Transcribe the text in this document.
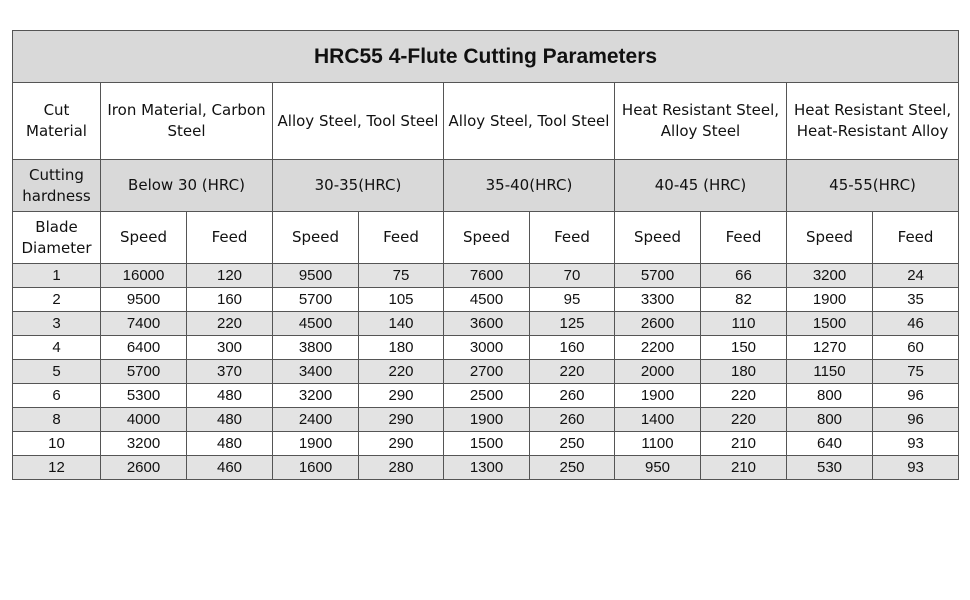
HRC55 4-Flute Cutting Parameters										
Cut Material	Iron Material, Carbon Steel		Alloy Steel, Tool Steel		Alloy Steel, Tool Steel		Heat Resistant Steel, Alloy Steel		Heat Resistant Steel, Heat-Resistant Alloy	
Cutting hardness	Below 30 (HRC)		30-35(HRC)		35-40(HRC)		40-45 (HRC)		45-55(HRC)	
Blade Diameter	Speed	Feed	Speed	Feed	Speed	Feed	Speed	Feed	Speed	Feed
1	16000	120	9500	75	7600	70	5700	66	3200	24
2	9500	160	5700	105	4500	95	3300	82	1900	35
3	7400	220	4500	140	3600	125	2600	110	1500	46
4	6400	300	3800	180	3000	160	2200	150	1270	60
5	5700	370	3400	220	2700	220	2000	180	1150	75
6	5300	480	3200	290	2500	260	1900	220	800	96
8	4000	480	2400	290	1900	260	1400	220	800	96
10	3200	480	1900	290	1500	250	1100	210	640	93
12	2600	460	1600	280	1300	250	950	210	530	93
